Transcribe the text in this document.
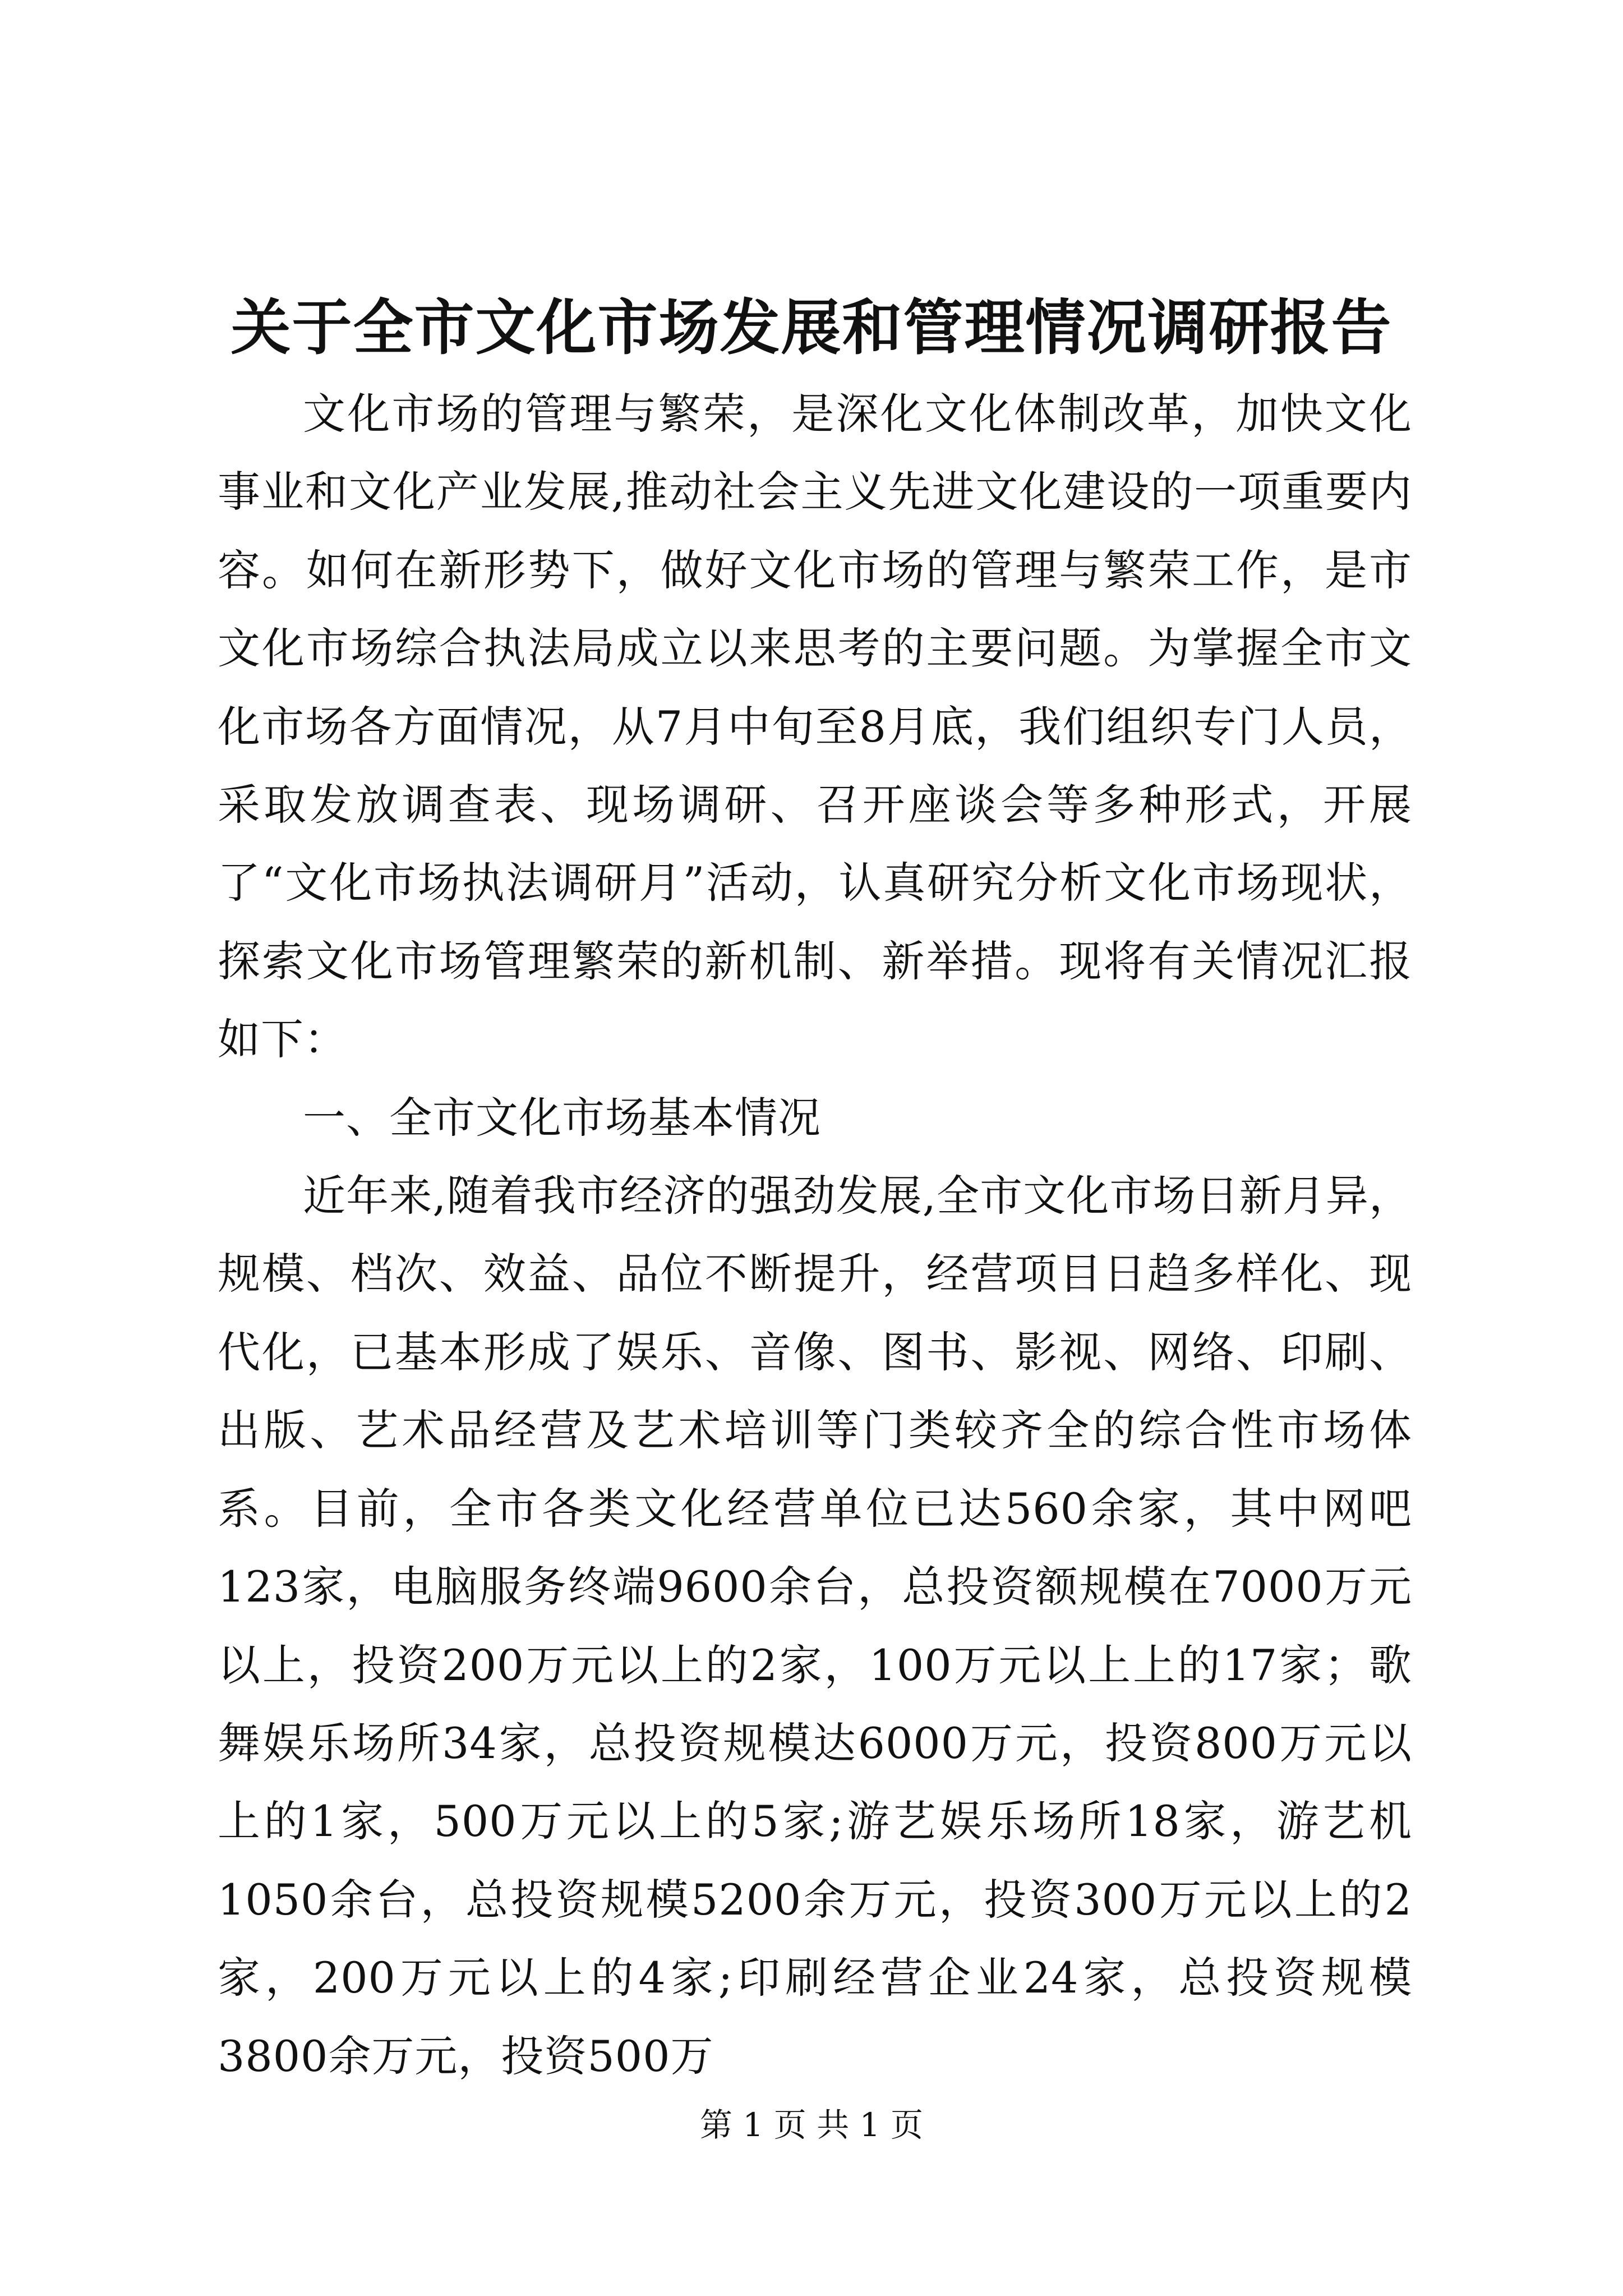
关于全市文化市场发展和管理情况调研报告

文化市场的管理与繁荣，是深化文化体制改革，加快文化事业和文化产业发展,推动社会主义先进文化建设的一项重要内容。如何在新形势下，做好文化市场的管理与繁荣工作，是市文化市场综合执法局成立以来思考的主要问题。为掌握全市文化市场各方面情况，从7月中旬至8月底，我们组织专门人员，采取发放调查表、现场调研、召开座谈会等多种形式，开展了“文化市场执法调研月”活动，认真研究分析文化市场现状，探索文化市场管理繁荣的新机制、新举措。现将有关情况汇报如下：

一、全市文化市场基本情况

近年来,随着我市经济的强劲发展,全市文化市场日新月异，规模、档次、效益、品位不断提升，经营项目日趋多样化、现代化，已基本形成了娱乐、音像、图书、影视、网络、印刷、出版、艺术品经营及艺术培训等门类较齐全的综合性市场体系。目前，全市各类文化经营单位已达560余家，其中网吧123家，电脑服务终端9600余台，总投资额规模在7000万元以上，投资200万元以上的2家，100万元以上上的17家；歌舞娱乐场所34家，总投资规模达6000万元，投资800万元以上的1家，500万元以上的5家;游艺娱乐场所18家，游艺机1050余台，总投资规模5200余万元，投资300万元以上的2家，200万元以上的4家;印刷经营企业24家，总投资规模3800余万元，投资500万

第 1 页 共 1 页
